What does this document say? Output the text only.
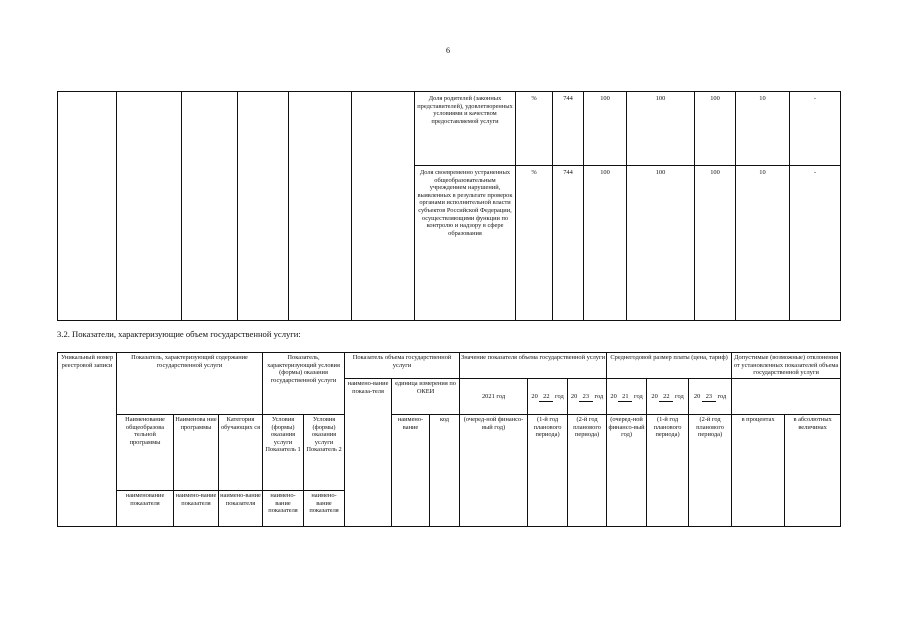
6
						Доля родителей (законных представителей), удовлетворенных условиями и качеством предоставляемой услуги	%	744	100	100	100	10	-
						Доля своевременно устраненных общеобразовательным учреждением нарушений, выявленных в результате проверок органами исполнительной власти субъектов Российской Федерации, осуществляющими функции по контролю и надзору в сфере образования	%	744	100	100	100	10	-
3.2. Показатели, характеризующие объем государственной услуги:
Уникальный номер реестровой записи	Показатель, характеризующий содержание государственной услуги			Показатель, характеризующий условия (формы) оказания государственной услуги		Показатель объема государственной услуги			Значение показателя объема государственной услуги			Среднегодовой размер платы (цена, тариф)			Допустимые (возможные) отклонения от установленных показателей объема государственной услуги	
						наимено-вание показа-теля	единица измерения по ОКЕИ		2021 год	20 22 год	20 23 год	20 21 год	20 22 год	20 23 год		
	Наименование общеобразова тельной программы	Наименова ние программы	Категория обучающих ся	Условия (формы) оказания услуги Показатель 1	Условия (формы) оказания услуги Показатель 2		наимено-вание	код	(очеред-ной финансо-вый год)	(1-й год планового периода)	(2-й год планового периода)	(очеред-ной финансо-вый год)	(1-й год планового периода)	(2-й год планового периода)	в процентах	в абсолютных величинах
	наименование показателя	наимено-вание показателя	наимено-вание показателя	наимено-вание показателя	наимено-вание показателя											
